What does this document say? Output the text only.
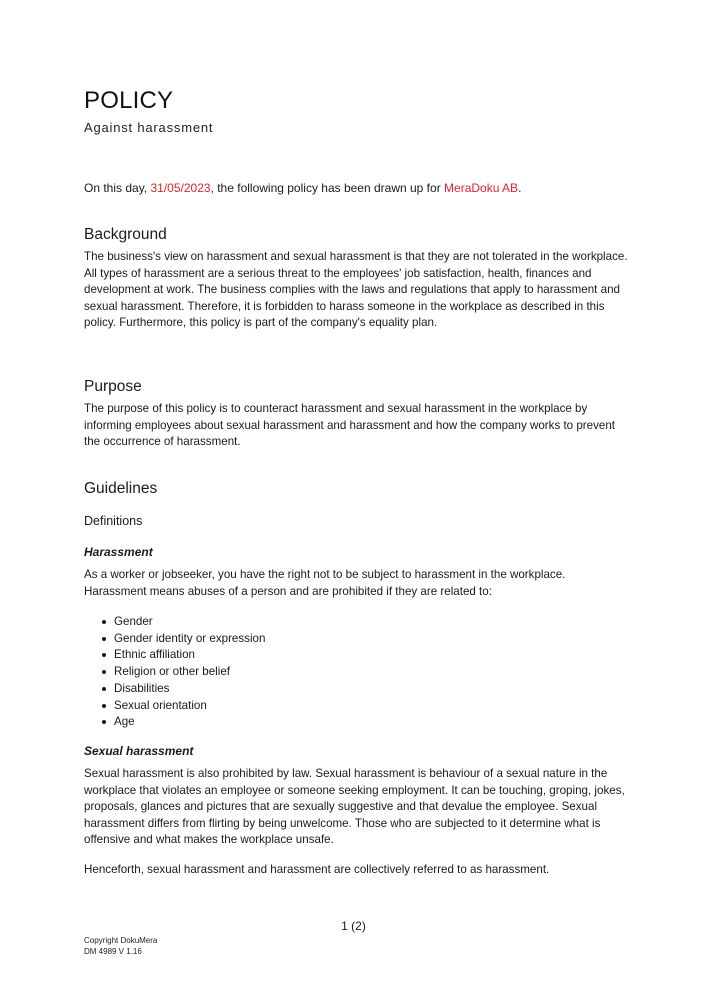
POLICY

Against harassment

On this day, 31/05/2023, the following policy has been drawn up for MeraDoku AB.

Background

The business's view on harassment and sexual harassment is that they are not tolerated in the workplace. All types of harassment are a serious threat to the employees' job satisfaction, health, finances and development at work. The business complies with the laws and regulations that apply to harassment and sexual harassment. Therefore, it is forbidden to harass someone in the workplace as described in this policy. Furthermore, this policy is part of the company's equality plan.

Purpose

The purpose of this policy is to counteract harassment and sexual harassment in the workplace by informing employees about sexual harassment and harassment and how the company works to prevent the occurrence of harassment.

Guidelines
Definitions
Harassment

As a worker or jobseeker, you have the right not to be subject to harassment in the workplace. Harassment means abuses of a person and are prohibited if they are related to:

Gender
Gender identity or expression
Ethnic affiliation
Religion or other belief
Disabilities
Sexual orientation
Age
Sexual harassment

Sexual harassment is also prohibited by law. Sexual harassment is behaviour of a sexual nature in the workplace that violates an employee or someone seeking employment. It can be touching, groping, jokes, proposals, glances and pictures that are sexually suggestive and that devalue the employee. Sexual harassment differs from flirting by being unwelcome. Those who are subjected to it determine what is offensive and what makes the workplace unsafe.

Henceforth, sexual harassment and harassment are collectively referred to as harassment.

1 (2)

Copyright DokuMera
DM 4989 V 1.16
